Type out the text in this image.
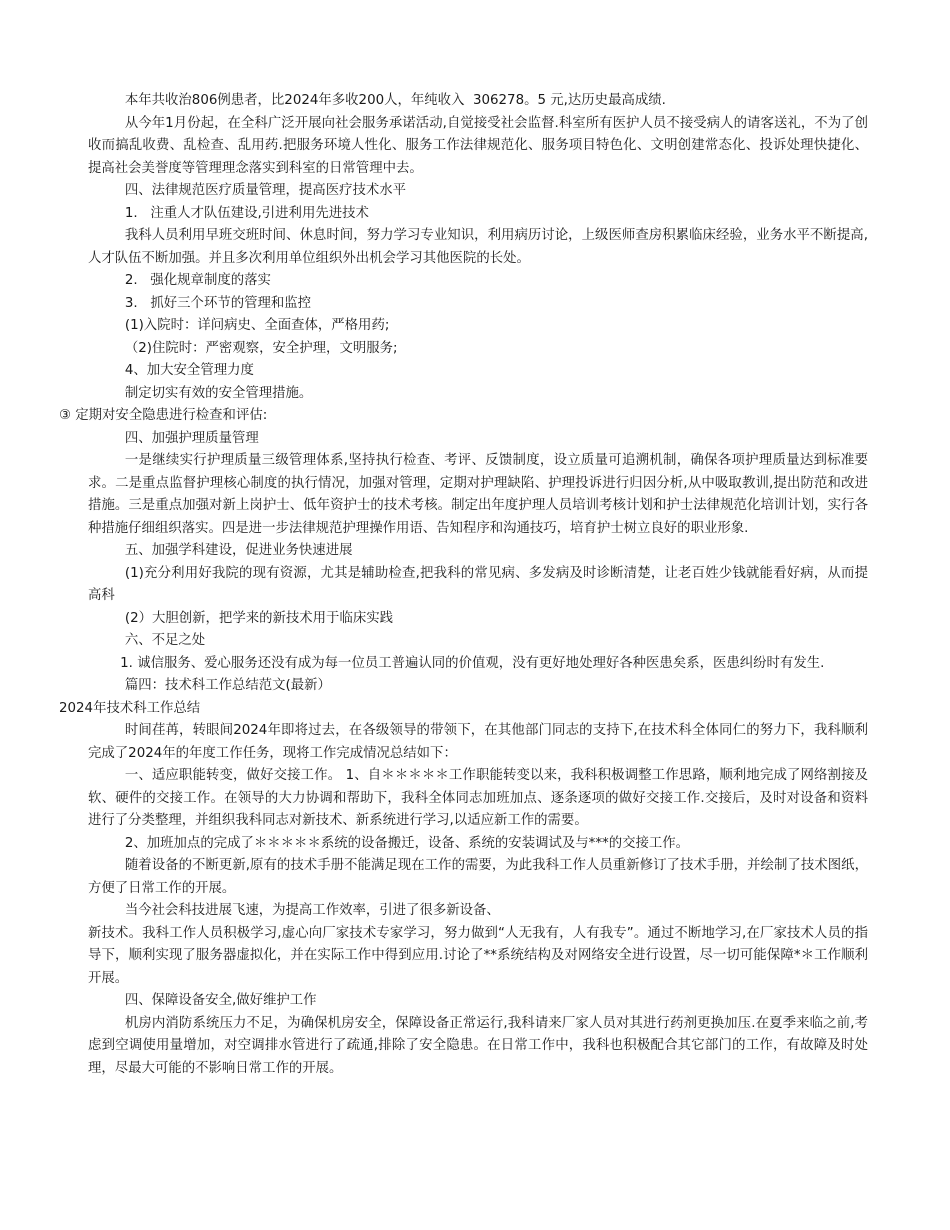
本年共收治806例患者，比2024年多收200人，年纯收入  306278。5 元,达历史最高成绩.

从今年1月份起，在全科广泛开展向社会服务承诺活动,自觉接受社会监督.科室所有医护人员不接受病人的请客送礼，不为了创收而搞乱收费、乱检查、乱用药.把服务环境人性化、服务工作法律规范化、服务项目特色化、文明创建常态化、投诉处理快捷化、提高社会美誉度等管理理念落实到科室的日常管理中去。

四、法律规范医疗质量管理，提高医疗技术水平

1.   注重人才队伍建设,引进利用先进技术

我科人员利用早班交班时间、休息时间，努力学习专业知识，利用病历讨论，上级医师查房积累临床经验，业务水平不断提高,人才队伍不断加强。并且多次利用单位组织外出机会学习其他医院的长处。

2.   强化规章制度的落实

3.   抓好三个环节的管理和监控

(1)入院时：详问病史、全面查体，严格用药;

（2)住院时：严密观察，安全护理，文明服务;

4、加大安全管理力度

制定切实有效的安全管理措施。

③ 定期对安全隐患进行检查和评估:

四、加强护理质量管理

一是继续实行护理质量三级管理体系,坚持执行检查、考评、反馈制度，设立质量可追溯机制，确保各项护理质量达到标准要求。二是重点监督护理核心制度的执行情况，加强对管理，定期对护理缺陷、护理投诉进行归因分析,从中吸取教训,提出防范和改进措施。三是重点加强对新上岗护士、低年资护士的技术考核。制定出年度护理人员培训考核计划和护士法律规范化培训计划，实行各种措施仔细组织落实。四是进一步法律规范护理操作用语、告知程序和沟通技巧，培育护士树立良好的职业形象.

五、加强学科建设，促进业务快速进展

(1)充分利用好我院的现有资源，尤其是辅助检查,把我科的常见病、多发病及时诊断清楚，让老百姓少钱就能看好病，从而提高科

(2）大胆创新，把学来的新技术用于临床实践

六、不足之处

1. 诚信服务、爱心服务还没有成为每一位员工普遍认同的价值观，没有更好地处理好各种医患矣系，医患纠纷时有发生.

篇四：技术科工作总结范文(最新）

2024年技术科工作总结

时间荏苒，转眼间2024年即将过去，在各级领导的带领下，在其他部门同志的支持下,在技术科全体同仁的努力下，我科顺利完成了2024年的年度工作任务，现将工作完成情况总结如下：

一、适应职能转变，做好交接工作。 1、自＊＊＊＊＊工作职能转变以来，我科积极调整工作思路，顺利地完成了网络割接及软、硬件的交接工作。在领导的大力协调和帮助下，我科全体同志加班加点、逐条逐项的做好交接工作.交接后，及时对设备和资料进行了分类整理，并组织我科同志对新技术、新系统进行学习,以适应新工作的需要。

2、加班加点的完成了＊＊＊＊＊系统的设备搬迁，设备、系统的安装调试及与***的交接工作。

随着设备的不断更新,原有的技术手册不能满足现在工作的需要，为此我科工作人员重新修订了技术手册，并绘制了技术图纸，方便了日常工作的开展。

当今社会科技进展飞速，为提高工作效率，引进了很多新设备、

新技术。我科工作人员积极学习,虚心向厂家技术专家学习，努力做到“人无我有，人有我专”。通过不断地学习,在厂家技术人员的指导下，顺利实现了服务器虚拟化，并在实际工作中得到应用.讨论了**系统结构及对网络安全进行设置，尽一切可能保障*＊工作顺利开展。

四、保障设备安全,做好维护工作

机房内消防系统压力不足，为确保机房安全，保障设备正常运行,我科请来厂家人员对其进行药剂更换加压.在夏季来临之前,考虑到空调使用量增加，对空调排水管进行了疏通,排除了安全隐患。在日常工作中，我科也积极配合其它部门的工作，有故障及时处理，尽最大可能的不影响日常工作的开展。
